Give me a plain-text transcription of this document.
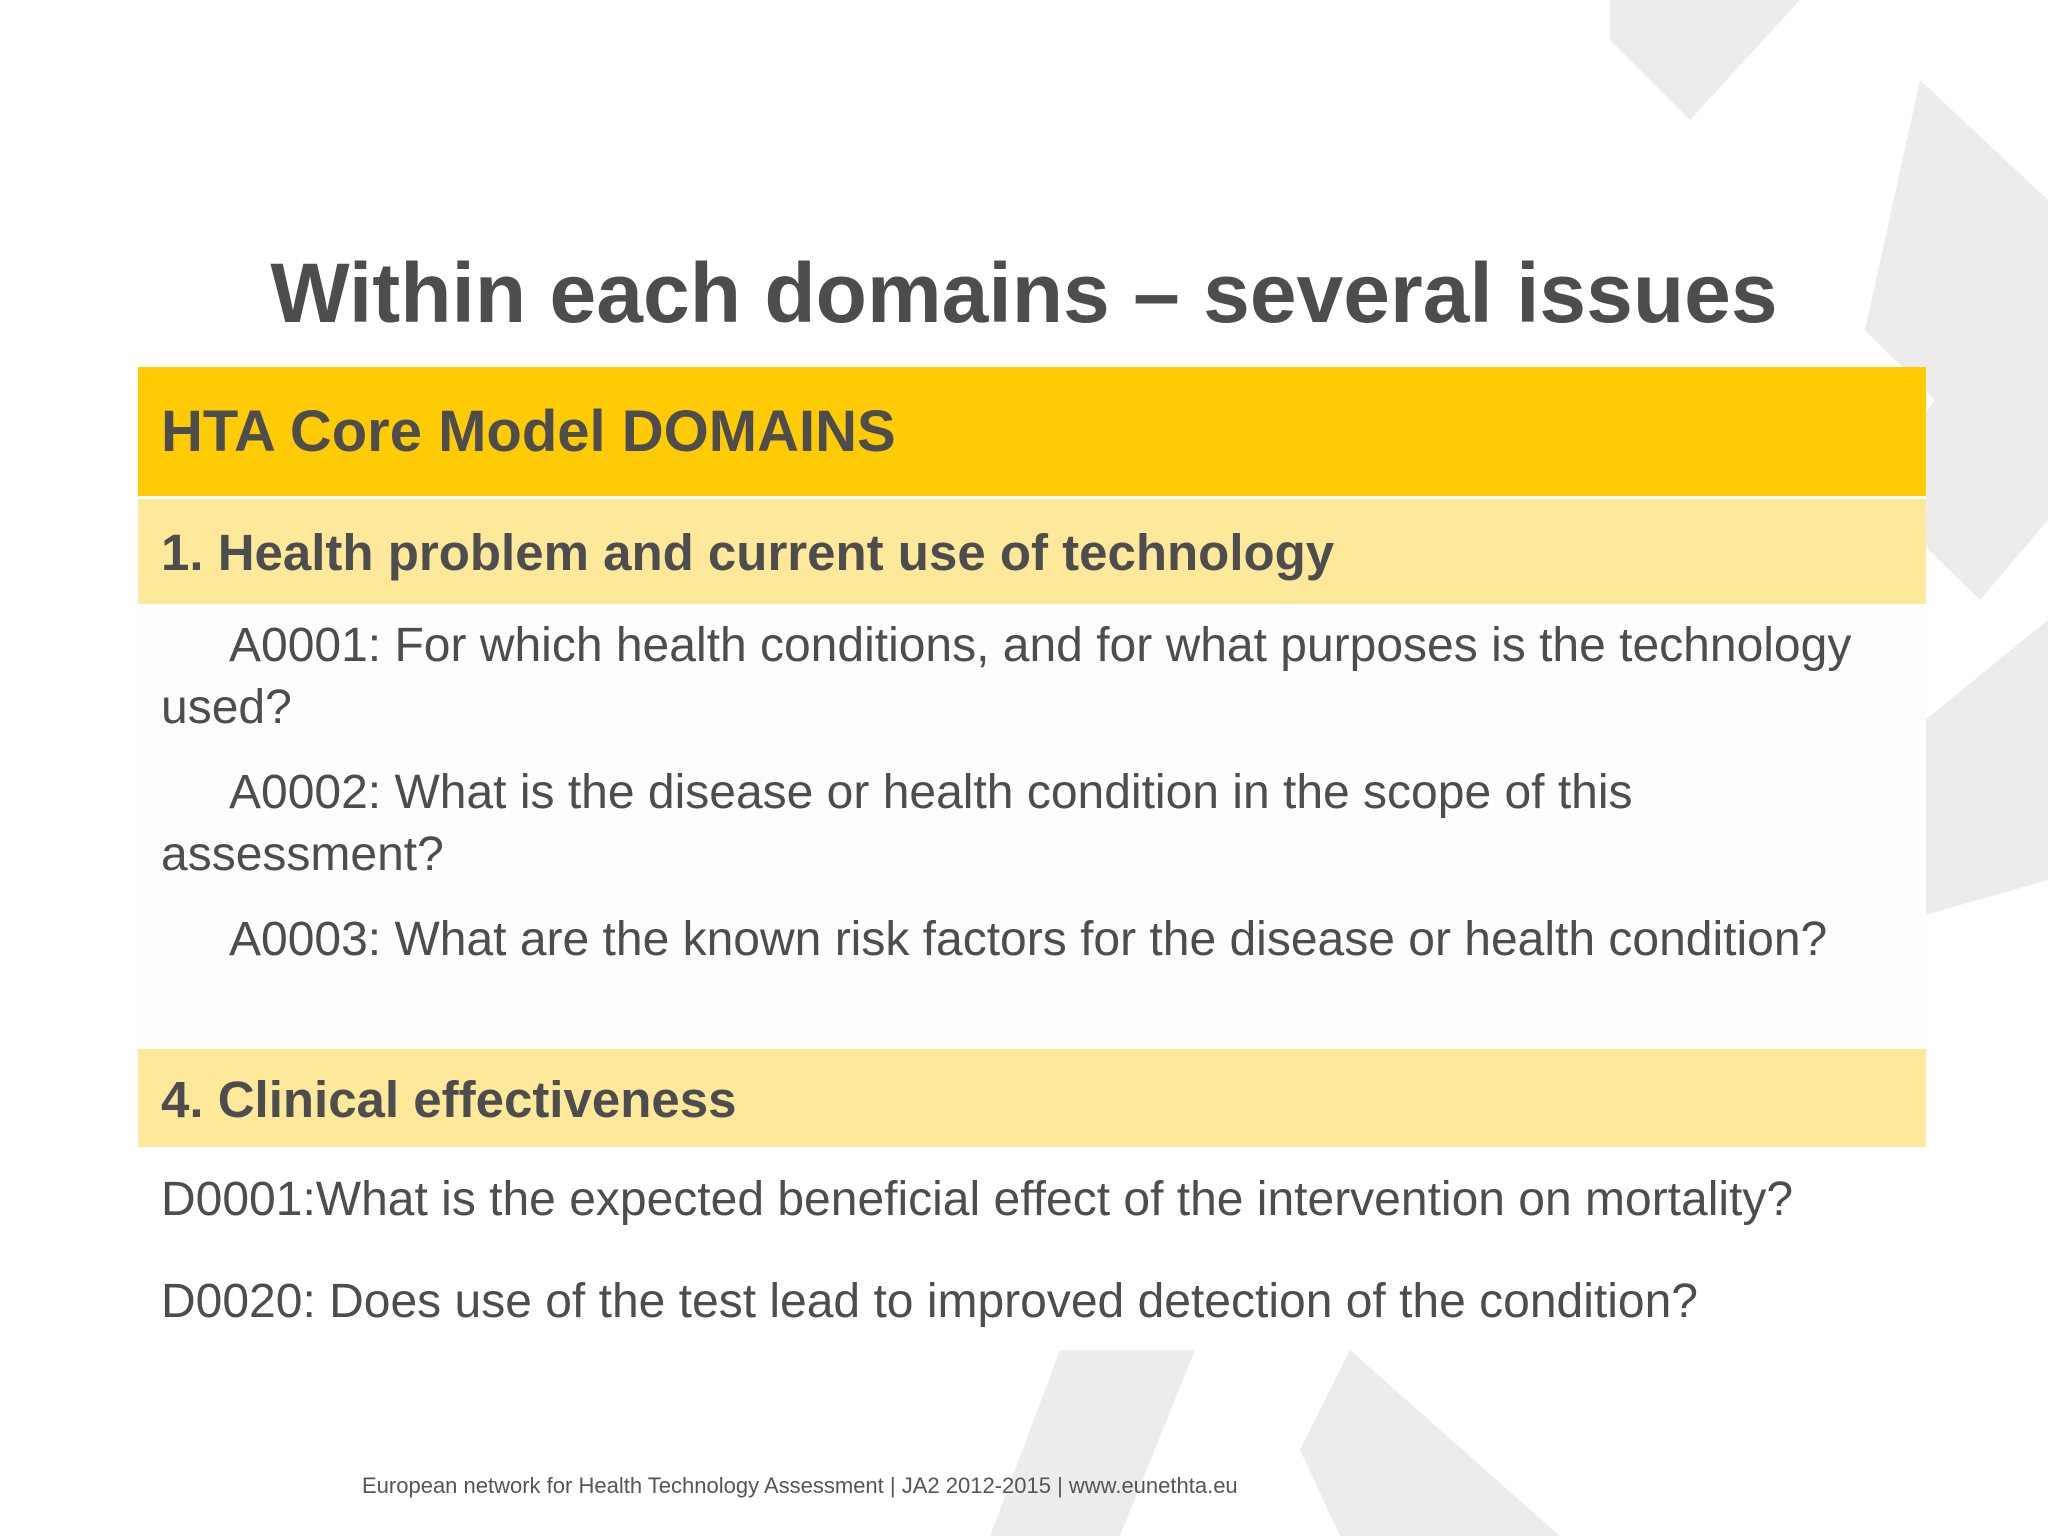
Within each domains – several issues
HTA Core Model DOMAINS
1. Health problem and current use of technology

A0001: For which health conditions, and for what purposes is the technology used?

A0002: What is the disease or health condition in the scope of this assessment?

A0003: What are the known risk factors for the disease or health condition?

4. Clinical effectiveness

D0001:What is the expected beneficial effect of the intervention on mortality?

D0020: Does use of the test lead to improved detection of the condition?

European network for Health Technology Assessment | JA2 2012-2015 | www.eunethta.eu
